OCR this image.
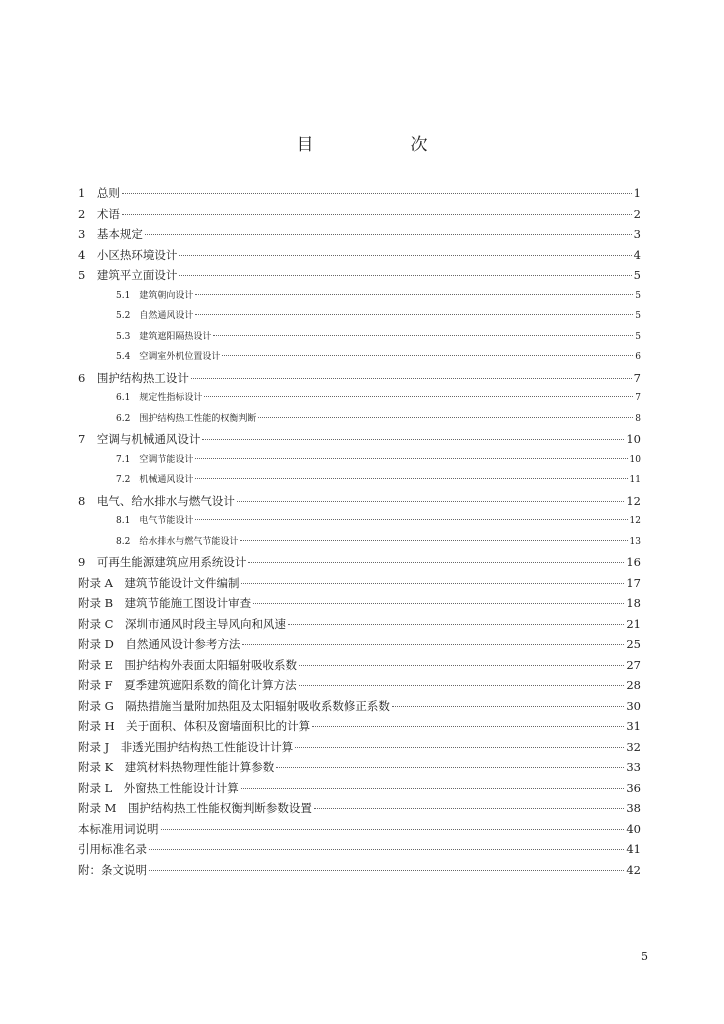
目　次
1　总则	1
2　术语	2
3　基本规定	3
4　小区热环境设计	4
5　建筑平立面设计	5
5.1　建筑朝向设计	5
5.2　自然通风设计	5
5.3　建筑遮阳隔热设计	5
5.4　空调室外机位置设计	6
6　围护结构热工设计	7
6.1　规定性指标设计	7
6.2　围护结构热工性能的权衡判断	8
7　空调与机械通风设计	10
7.1　空调节能设计	10
7.2　机械通风设计	11
8　电气、给水排水与燃气设计	12
8.1　电气节能设计	12
8.2　给水排水与燃气节能设计	13
9　可再生能源建筑应用系统设计	16
附录 A　建筑节能设计文件编制	17
附录 B　建筑节能施工图设计审查	18
附录 C　深圳市通风时段主导风向和风速	21
附录 D　自然通风设计参考方法	25
附录 E　围护结构外表面太阳辐射吸收系数	27
附录 F　夏季建筑遮阳系数的简化计算方法	28
附录 G　隔热措施当量附加热阻及太阳辐射吸收系数修正系数	30
附录 H　关于面积、体积及窗墙面积比的计算	31
附录 J　非透光围护结构热工性能设计计算	32
附录 K　建筑材料热物理性能计算参数	33
附录 L　外窗热工性能设计计算	36
附录 M　围护结构热工性能权衡判断参数设置	38
本标准用词说明	40
引用标准名录	41
附：条文说明	42
5
